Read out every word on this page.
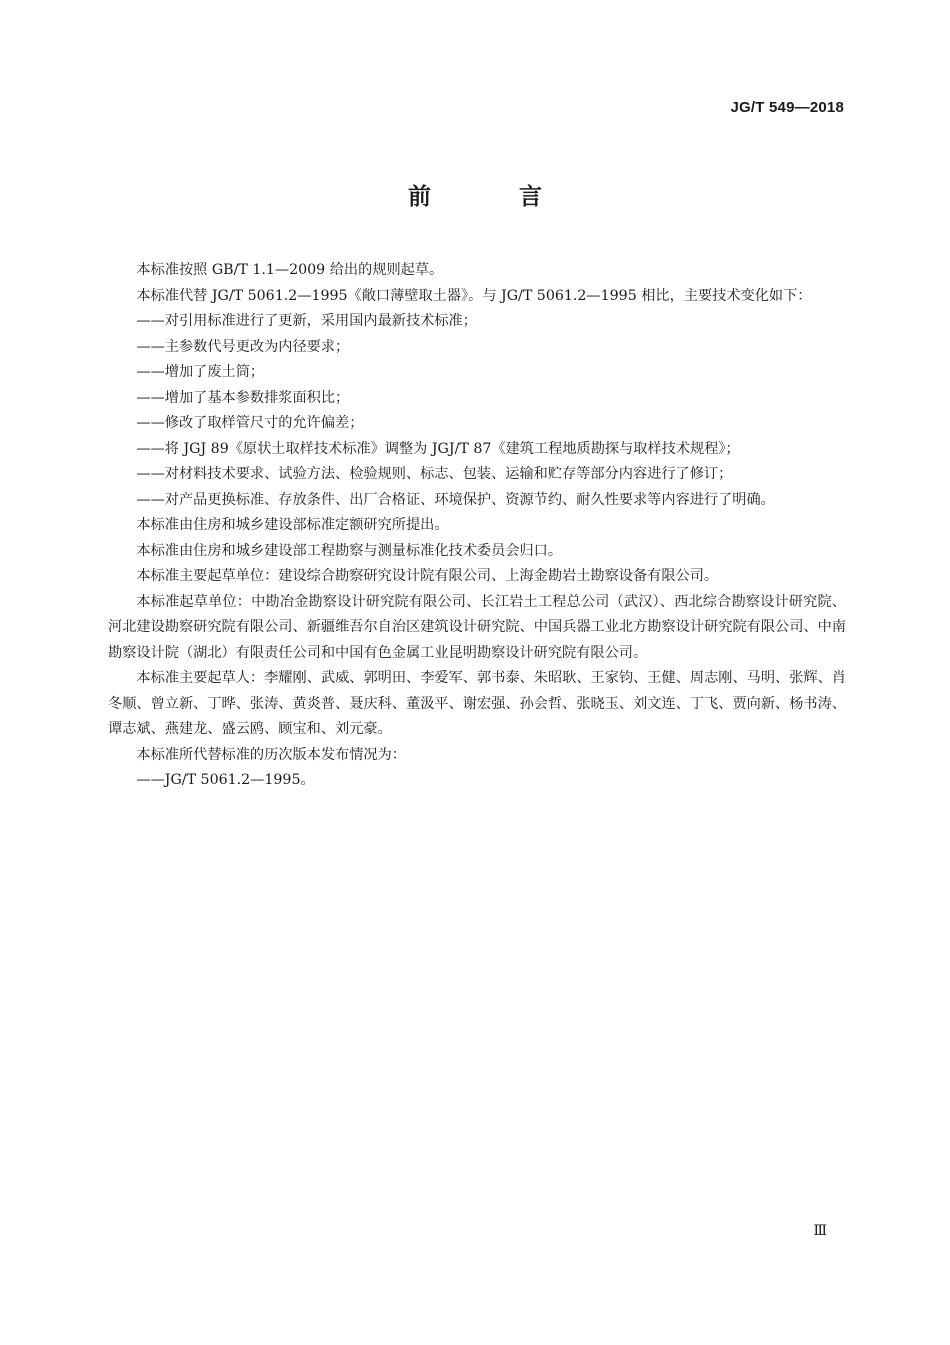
JG/T 549—2018
前 言

本标准按照 GB/T 1.1—2009 给出的规则起草。

本标准代替 JG/T 5061.2—1995《敞口薄壁取土器》。与 JG/T 5061.2—1995 相比，主要技术变化如下：

——对引用标准进行了更新，采用国内最新技术标准；

——主参数代号更改为内径要求；

——增加了废土筒；

——增加了基本参数排浆面积比；

——修改了取样管尺寸的允许偏差；

——将 JGJ 89《原状土取样技术标准》调整为 JGJ/T 87《建筑工程地质勘探与取样技术规程》；

——对材料技术要求、试验方法、检验规则、标志、包装、运输和贮存等部分内容进行了修订；

——对产品更换标准、存放条件、出厂合格证、环境保护、资源节约、耐久性要求等内容进行了明确。

本标准由住房和城乡建设部标准定额研究所提出。

本标准由住房和城乡建设部工程勘察与测量标准化技术委员会归口。

本标准主要起草单位：建设综合勘察研究设计院有限公司、上海金勘岩土勘察设备有限公司。

本标准起草单位：中勘冶金勘察设计研究院有限公司、长江岩土工程总公司（武汉）、西北综合勘察设计研究院、河北建设勘察研究院有限公司、新疆维吾尔自治区建筑设计研究院、中国兵器工业北方勘察设计研究院有限公司、中南勘察设计院（湖北）有限责任公司和中国有色金属工业昆明勘察设计研究院有限公司。

本标准主要起草人：李耀刚、武威、郭明田、李爱军、郭书泰、朱昭耿、王家钧、王健、周志刚、马明、张辉、肖冬顺、曾立新、丁晔、张涛、黄炎普、聂庆科、董汲平、谢宏强、孙会哲、张晓玉、刘文连、丁飞、贾向新、杨书涛、谭志斌、燕建龙、盛云鸥、顾宝和、刘元豪。

本标准所代替标准的历次版本发布情况为：

——JG/T 5061.2—1995。

Ⅲ
